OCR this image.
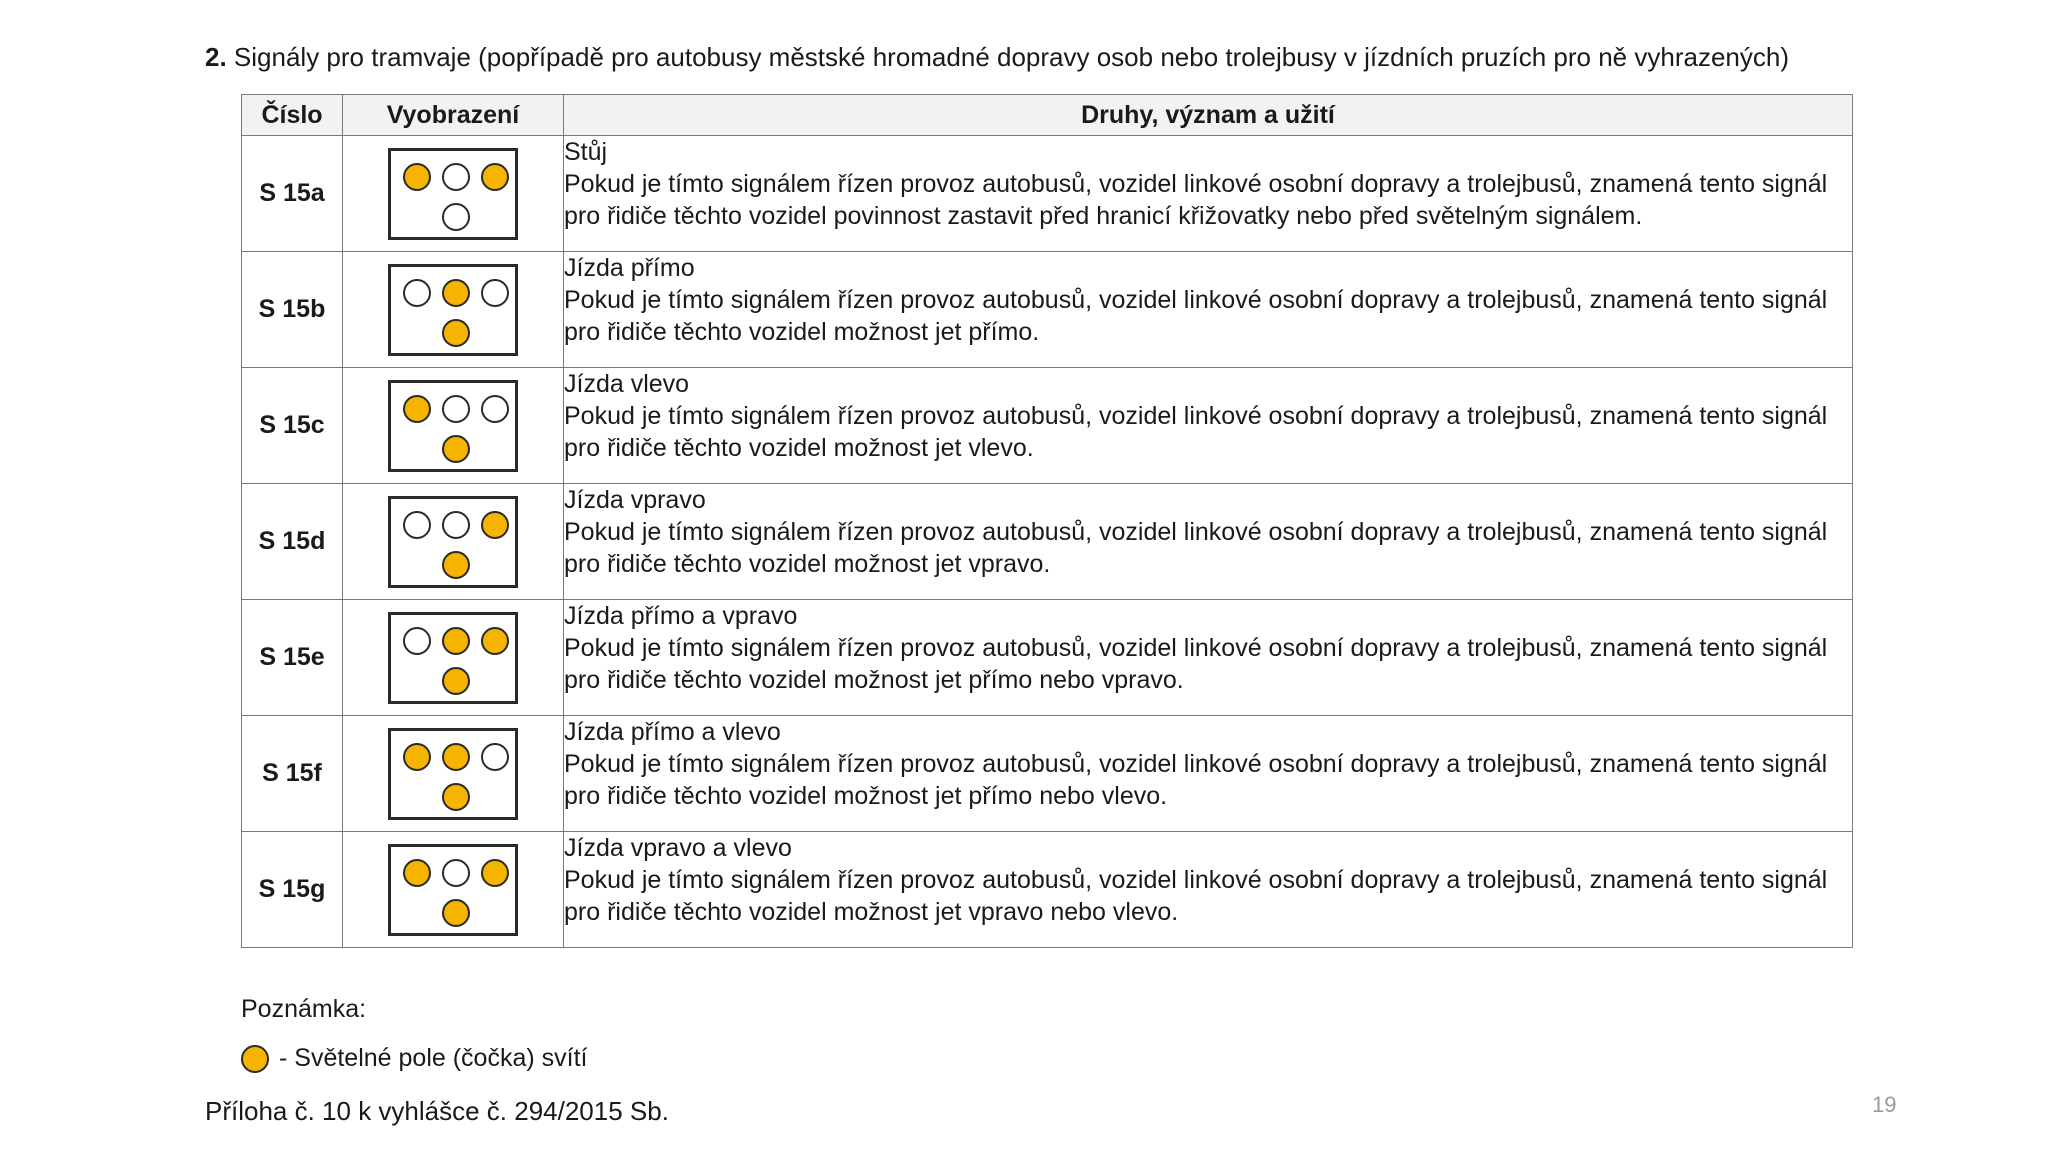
2. Signály pro tramvaje (popřípadě pro autobusy městské hromadné dopravy osob nebo trolejbusy v jízdních pruzích pro ně vyhrazených)
Číslo	Vyobrazení	Druhy, význam a užití
S 15a		Stůj
Pokud je tímto signálem řízen provoz autobusů, vozidel linkové osobní dopravy a trolejbusů, znamená tento signál pro řidiče těchto vozidel povinnost zastavit před hranicí křižovatky nebo před světelným signálem.

S 15b		Jízda přímo
Pokud je tímto signálem řízen provoz autobusů, vozidel linkové osobní dopravy a trolejbusů, znamená tento signál pro řidiče těchto vozidel možnost jet přímo.

S 15c		Jízda vlevo
Pokud je tímto signálem řízen provoz autobusů, vozidel linkové osobní dopravy a trolejbusů, znamená tento signál pro řidiče těchto vozidel možnost jet vlevo.

S 15d		Jízda vpravo
Pokud je tímto signálem řízen provoz autobusů, vozidel linkové osobní dopravy a trolejbusů, znamená tento signál pro řidiče těchto vozidel možnost jet vpravo.

S 15e		Jízda přímo a vpravo
Pokud je tímto signálem řízen provoz autobusů, vozidel linkové osobní dopravy a trolejbusů, znamená tento signál pro řidiče těchto vozidel možnost jet přímo nebo vpravo.

S 15f		Jízda přímo a vlevo
Pokud je tímto signálem řízen provoz autobusů, vozidel linkové osobní dopravy a trolejbusů, znamená tento signál pro řidiče těchto vozidel možnost jet přímo nebo vlevo.

S 15g		Jízda vpravo a vlevo
Pokud je tímto signálem řízen provoz autobusů, vozidel linkové osobní dopravy a trolejbusů, znamená tento signál pro řidiče těchto vozidel možnost jet vpravo nebo vlevo.
Poznámka:
- Světelné pole (čočka) svítí
Příloha č. 10 k vyhlášce č. 294/2015 Sb.	19
